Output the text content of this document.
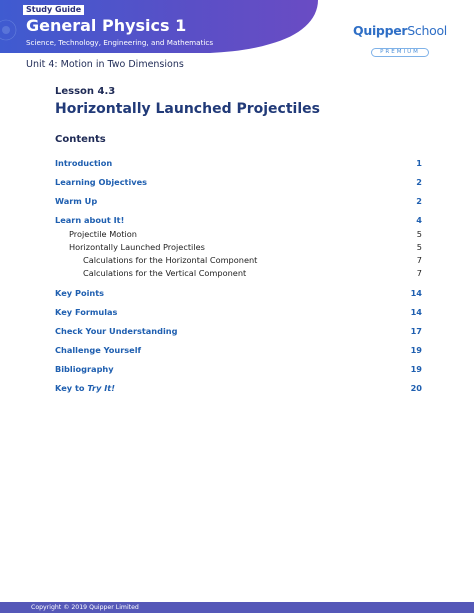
Study Guide
General Physics 1
Science, Technology, Engineering, and Mathematics
QuipperSchool
PREMIUM
Unit 4: Motion in Two Dimensions
Lesson 4.3
Horizontally Launched Projectiles
Contents
Introduction	1
Learning Objectives	2
Warm Up	2
Learn about It!	4
Projectile Motion	5
Horizontally Launched Projectiles	5
Calculations for the Horizontal Component	7
Calculations for the Vertical Component	7
Key Points	14
Key Formulas	14
Check Your Understanding	17
Challenge Yourself	19
Bibliography	19
Key to Try It!	20
Copyright © 2019 Quipper Limited
